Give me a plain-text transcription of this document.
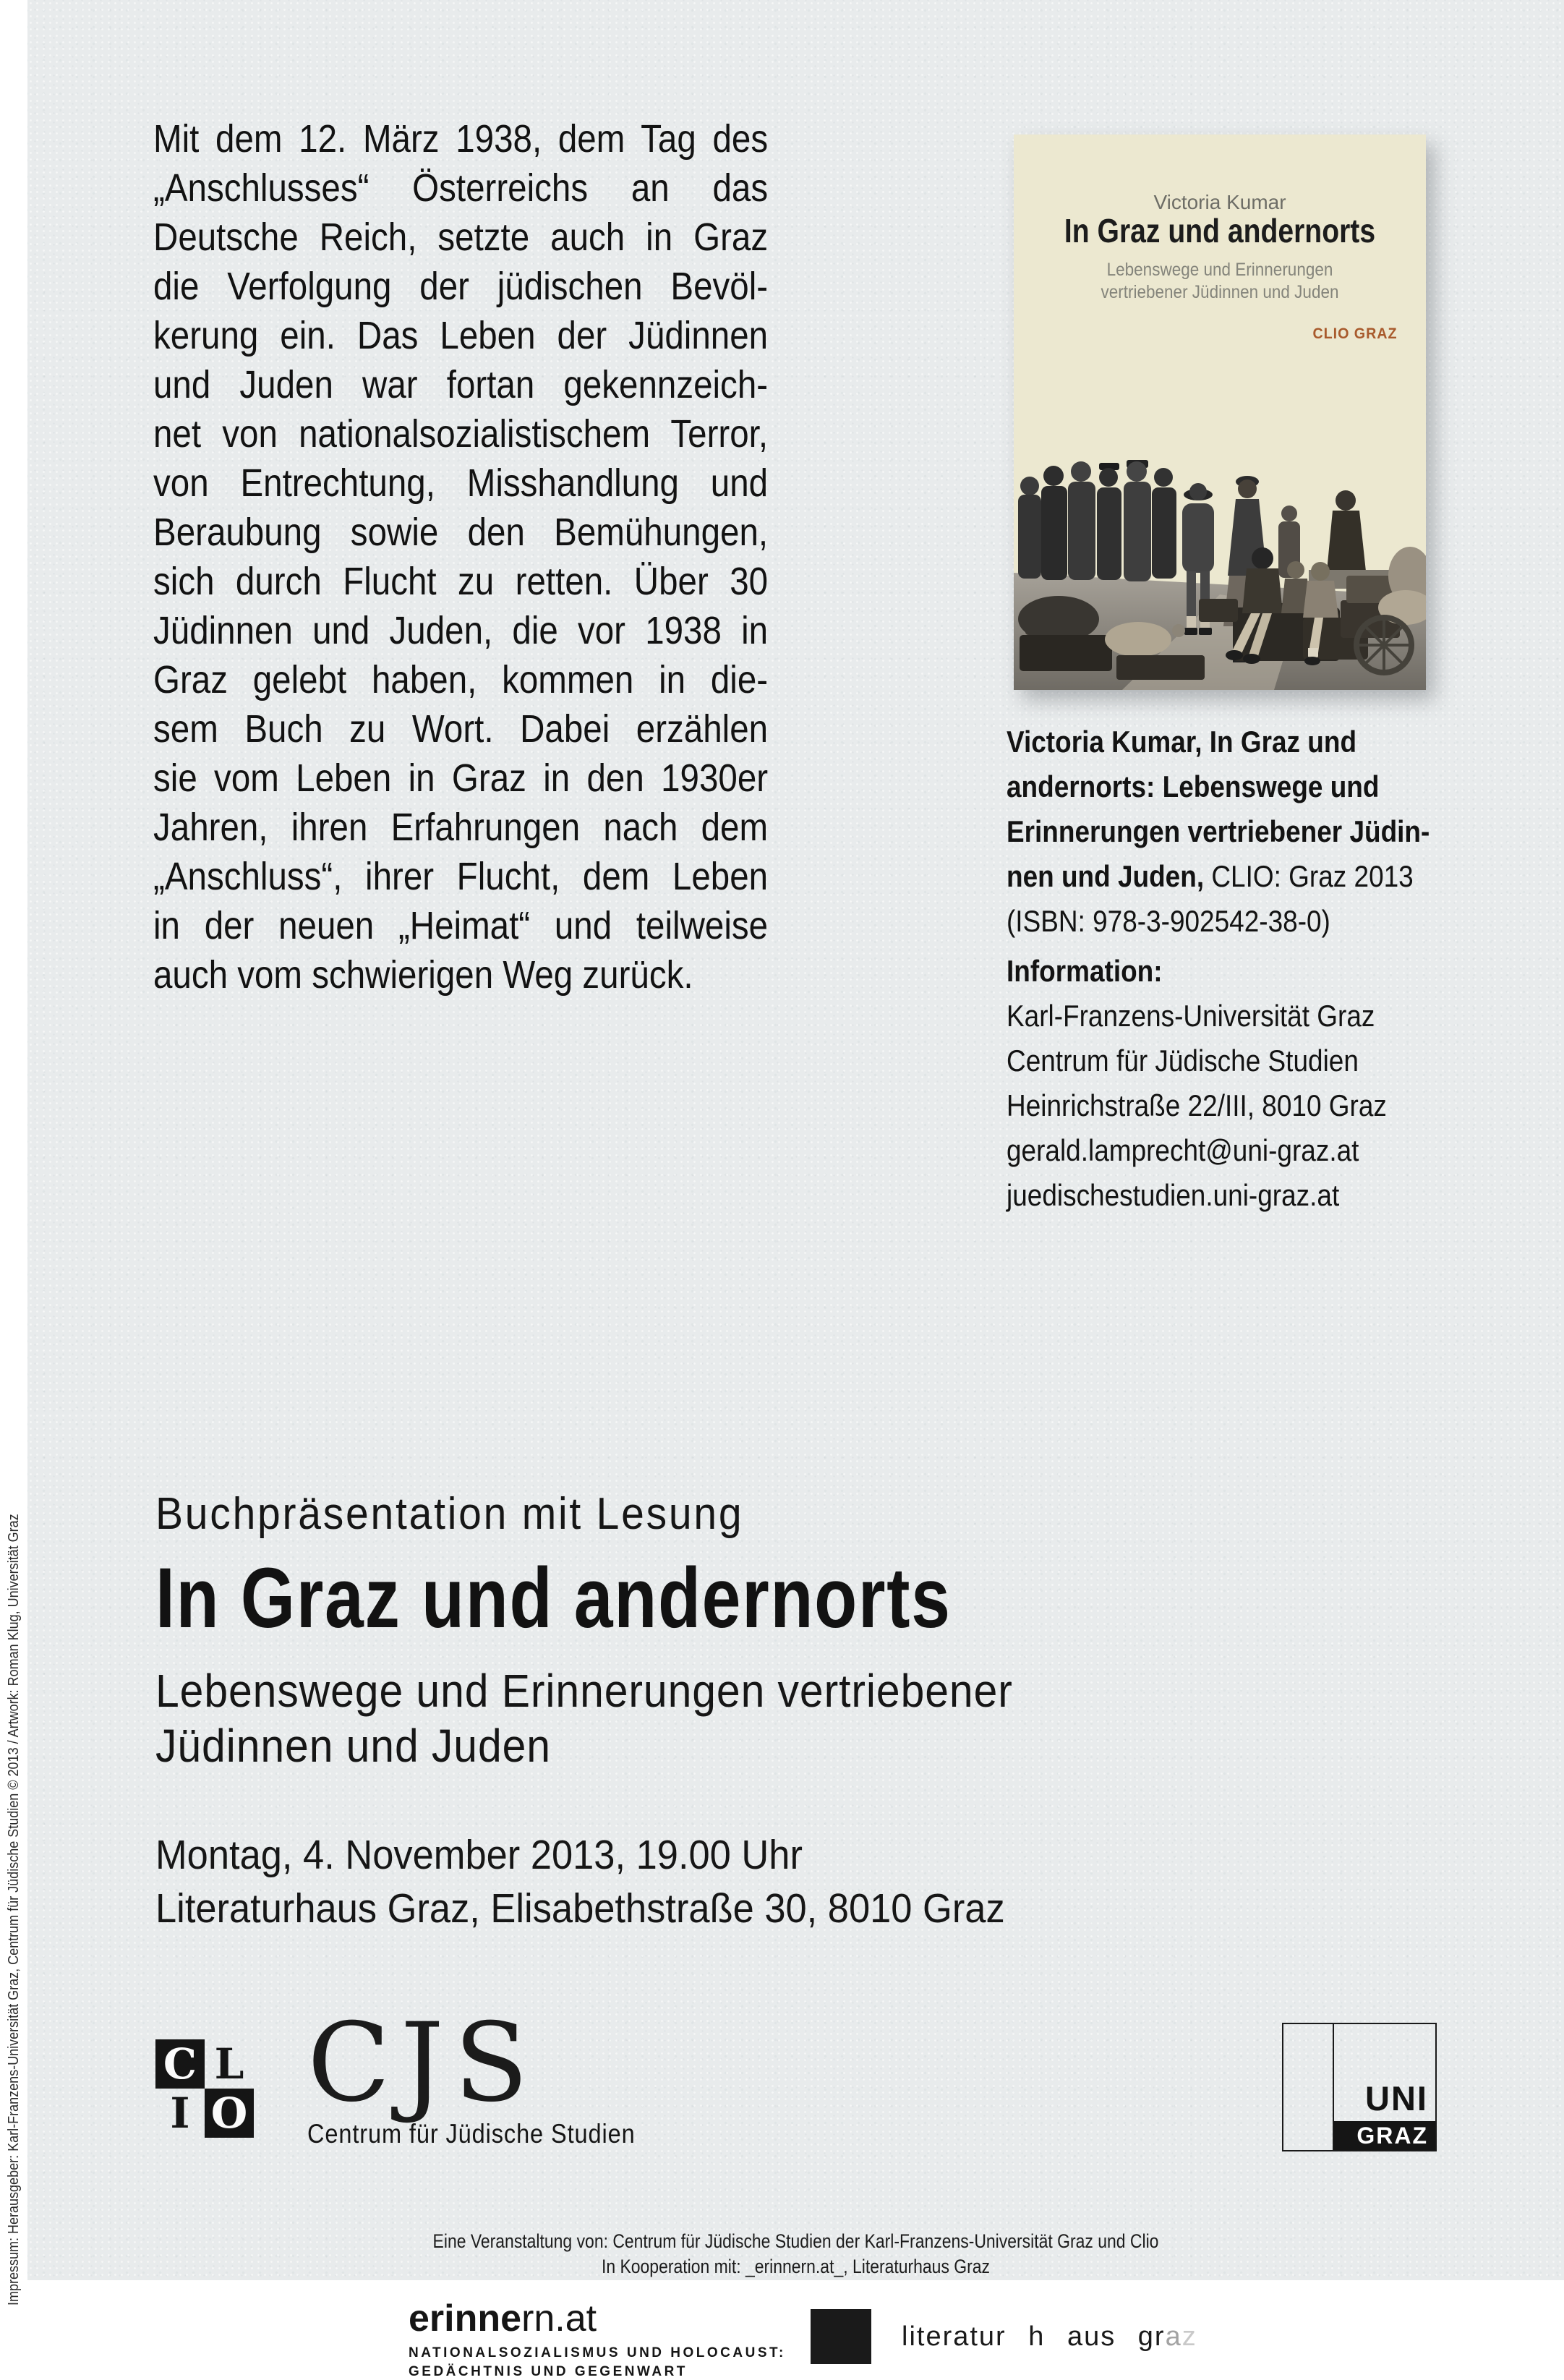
Impressum: Herausgeber: Karl-Franzens-Universität Graz, Centrum für Jüdische Studien © 2013 / Artwork: Roman Klug, Universität Graz
Mit dem 12. März 1938, dem Tag des
„Anschlusses“ Österreichs an das
Deutsche Reich, setzte auch in Graz
die Verfolgung der jüdischen Bevöl-
kerung ein. Das Leben der Jüdinnen
und Juden war fortan gekennzeich-
net von nationalsozialistischem Terror,
von Entrechtung, Misshandlung und
Beraubung sowie den Bemühungen,
sich durch Flucht zu retten. Über 30
Jüdinnen und Juden, die vor 1938 in
Graz gelebt haben, kommen in die-
sem Buch zu Wort. Dabei erzählen
sie vom Leben in Graz in den 1930er
Jahren, ihren Erfahrungen nach dem
„Anschluss“, ihrer Flucht, dem Leben
in der neuen „Heimat“ und teilweise
auch vom schwierigen Weg zurück.
Victoria Kumar
In Graz und andernorts
Lebenswege und Erinnerungen
vertriebener Jüdinnen und Juden
CLIO GRAZ
Victoria Kumar, In Graz und
andernorts: Lebenswege und
Erinnerungen vertriebener Jüdin-
nen und Juden, CLIO: Graz 2013
(ISBN: 978-3-902542-38-0)
Information:
Karl-Franzens-Universität Graz
Centrum für Jüdische Studien
Heinrichstraße 22/III, 8010 Graz
gerald.lamprecht@uni-graz.at
juedischestudien.uni-graz.at
Buchpräsentation mit Lesung
In Graz und andernorts
Lebenswege und Erinnerungen vertriebener
Jüdinnen und Juden
Montag, 4. November 2013, 19.00 Uhr
Literaturhaus Graz, Elisabethstraße 30, 8010 Graz
C L
I O CJS
Centrum für Jüdische Studien
UNI
GRAZ
Eine Veranstaltung von: Centrum für Jüdische Studien der Karl-Franzens-Universität Graz und Clio
In Kooperation mit: _erinnern.at_, Literaturhaus Graz
erinnern.at
NATIONALSOZIALISMUS UND HOLOCAUST:
GEDÄCHTNIS UND GEGENWART
literatur h aus graz
